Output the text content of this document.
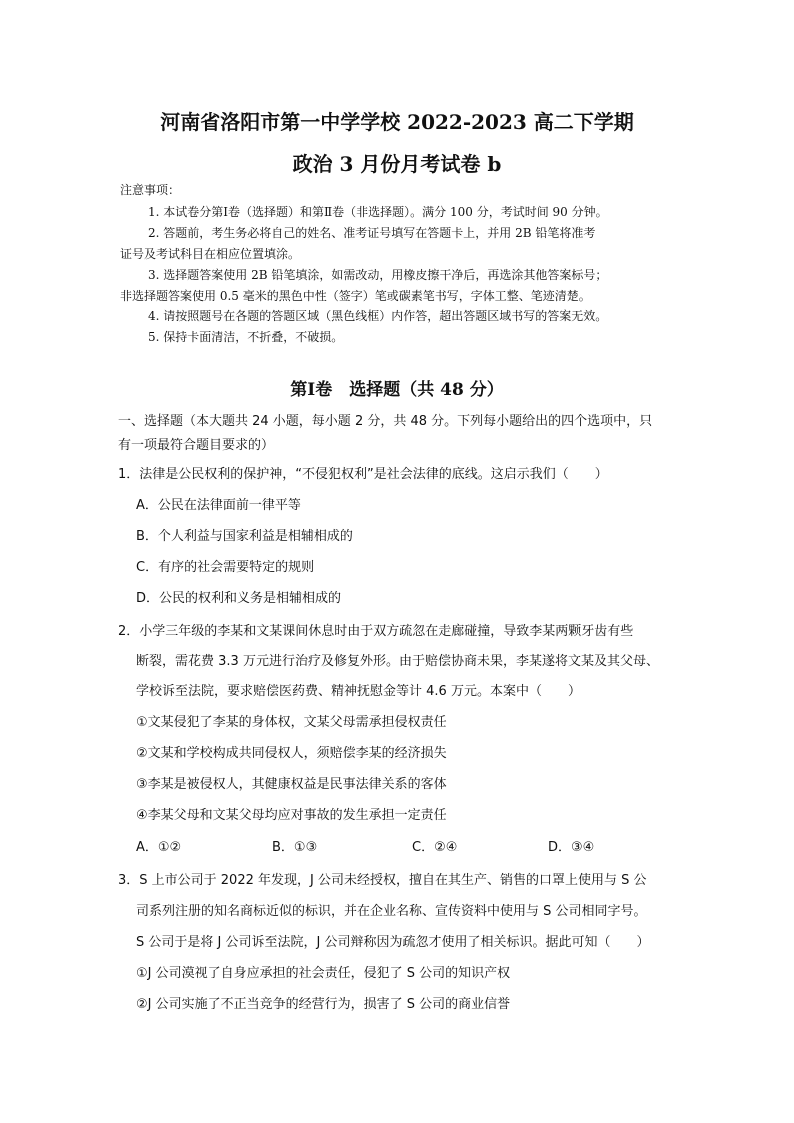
河南省洛阳市第一中学学校 2022-2023 高二下学期
政治 3 月份月考试卷 b
注意事项：
1. 本试卷分第Ⅰ卷（选择题）和第Ⅱ卷（非选择题）。满分 100 分，考试时间 90 分钟。
2. 答题前，考生务必将自己的姓名、准考证号填写在答题卡上，并用 2B 铅笔将准考
证号及考试科目在相应位置填涂。
3. 选择题答案使用 2B 铅笔填涂，如需改动，用橡皮擦干净后，再选涂其他答案标号；
非选择题答案使用 0.5 毫米的黑色中性（签字）笔或碳素笔书写，字体工整、笔迹清楚。
4. 请按照题号在各题的答题区域（黑色线框）内作答，超出答题区域书写的答案无效。
5. 保持卡面清洁，不折叠，不破损。
第Ⅰ卷　选择题（共 48 分）
一、选择题（本大题共 24 小题，每小题 2 分，共 48 分。下列每小题给出的四个选项中，只
有一项最符合题目要求的）
1．法律是公民权利的保护神，“不侵犯权利”是社会法律的底线。这启示我们（　　）
A．公民在法律面前一律平等
B．个人利益与国家利益是相辅相成的
C．有序的社会需要特定的规则
D．公民的权利和义务是相辅相成的
2．小学三年级的李某和文某课间休息时由于双方疏忽在走廊碰撞，导致李某两颗牙齿有些
断裂，需花费 3.3 万元进行治疗及修复外形。由于赔偿协商未果，李某遂将文某及其父母、
学校诉至法院，要求赔偿医药费、精神抚慰金等计 4.6 万元。本案中（　　）
①文某侵犯了李某的身体权，文某父母需承担侵权责任
②文某和学校构成共同侵权人，须赔偿李某的经济损失
③李某是被侵权人，其健康权益是民事法律关系的客体
④李某父母和文某父母均应对事故的发生承担一定责任
A．①②	B．①③	C．②④	D．③④
3．S 上市公司于 2022 年发现，J 公司未经授权，擅自在其生产、销售的口罩上使用与 S 公
司系列注册的知名商标近似的标识，并在企业名称、宣传资料中使用与 S 公司相同字号。
S 公司于是将 J 公司诉至法院，J 公司辩称因为疏忽才使用了相关标识。据此可知（　　）
①J 公司漠视了自身应承担的社会责任，侵犯了 S 公司的知识产权
②J 公司实施了不正当竞争的经营行为，损害了 S 公司的商业信誉
